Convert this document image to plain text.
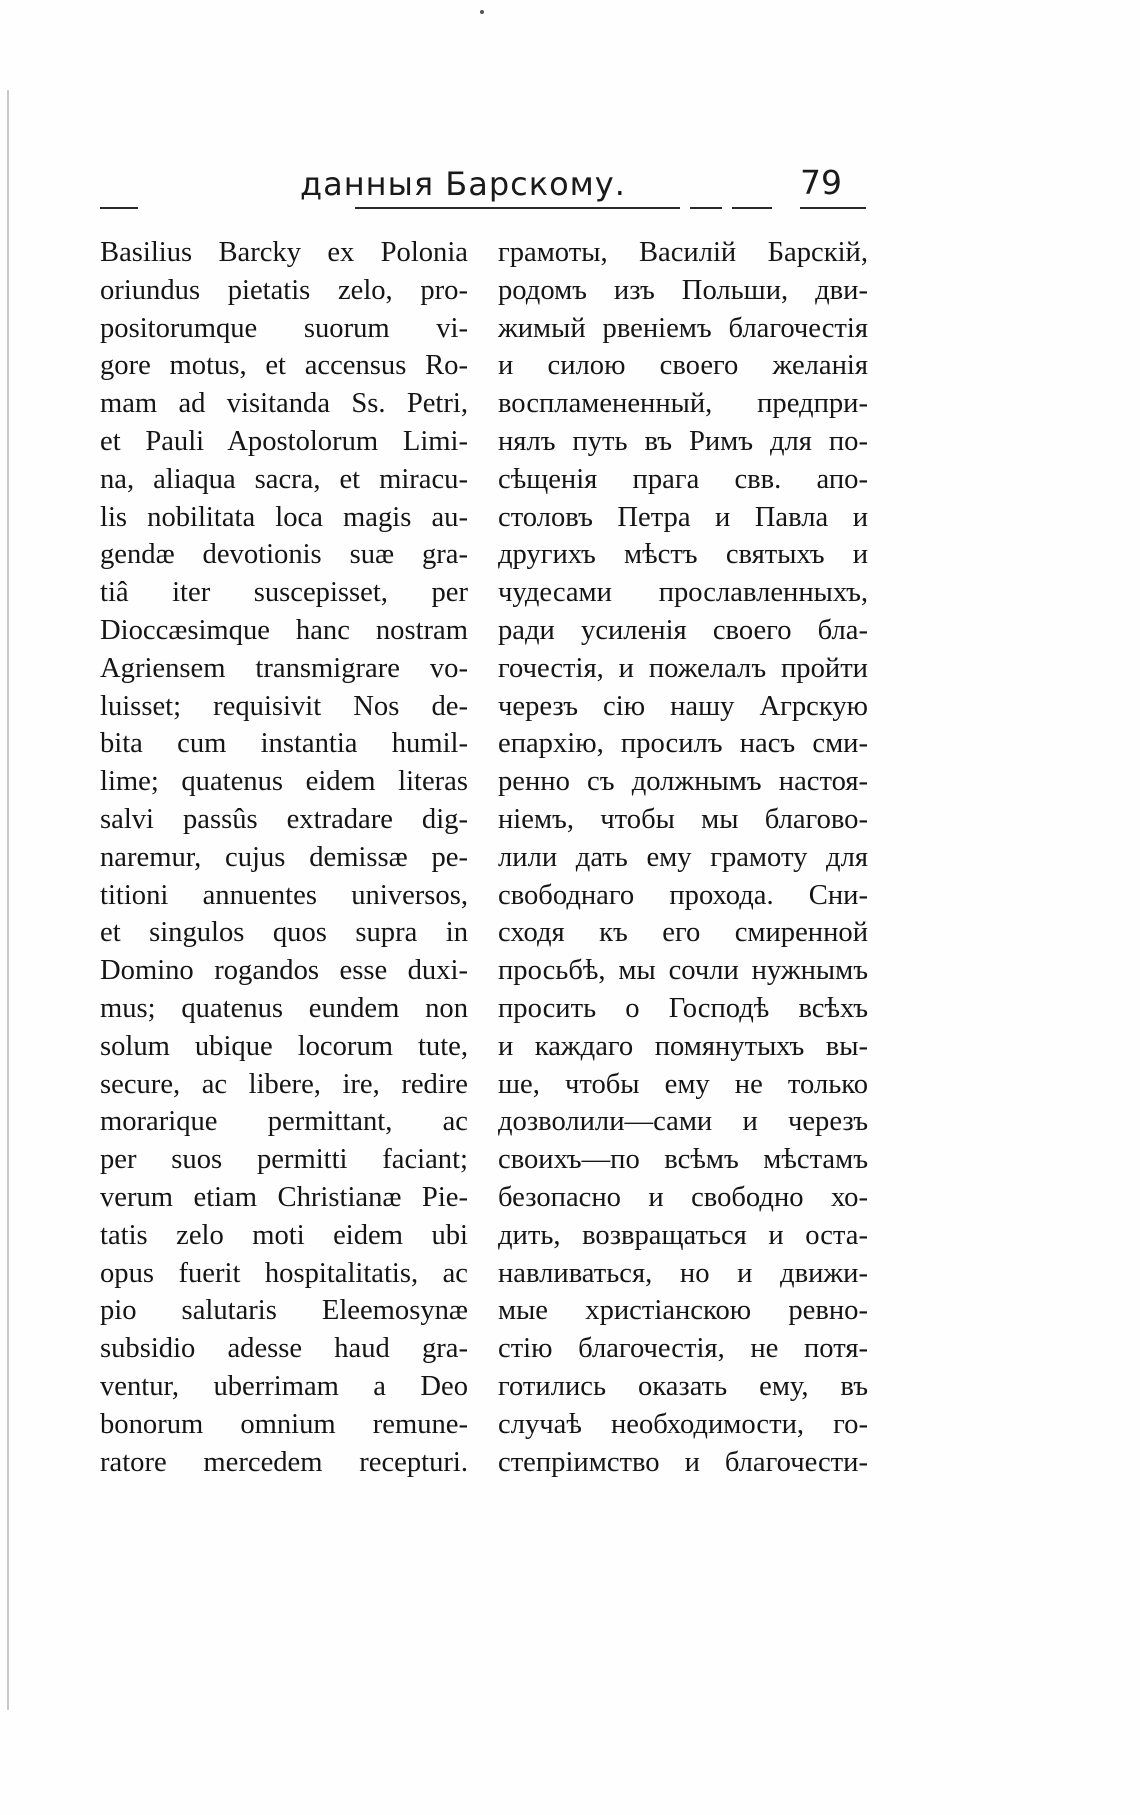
данныя Барскому.	79
Basilius Barcky ex Polonia
oriundus pietatis zelo, pro-
positorumque suorum vi-
gore motus, et accensus Ro-
mam ad visitanda Ss. Petri,
et Pauli Apostolorum Limi-
na, aliaqua sacra, et miracu-
lis nobilitata loca magis au-
gendæ devotionis suæ gra-
tiâ iter suscepisset, per
Dioccæsimque hanc nostram
Agriensem transmigrare vo-
luisset; requisivit Nos de-
bita cum instantia humil-
lime; quatenus eidem literas
salvi passûs extradare dig-
naremur, cujus demissæ pe-
titioni annuentes universos,
et singulos quos supra in
Domino rogandos esse duxi-
mus; quatenus eundem non
solum ubique locorum tute,
secure, ac libere, ire, redire
morarique permittant, ac
per suos permitti faciant;
verum etiam Christianæ Pie-
tatis zelo moti eidem ubi
opus fuerit hospitalitatis, ac
pio salutaris Eleemosynæ
subsidio adesse haud gra-
ventur, uberrimam a Deo
bonorum omnium remune-
ratore mercedem recepturi.
грамоты, Василій Барскій,
родомъ изъ Польши, дви-
жимый рвеніемъ благочестія
и силою своего желанія
воспламененный, предпри-
нялъ путь въ Римъ для по-
сѣщенія прага свв. апо-
столовъ Петра и Павла и
другихъ мѣстъ святыхъ и
чудесами прославленныхъ,
ради усиленія своего бла-
гочестія, и пожелалъ пройти
черезъ сію нашу Агрскую
епархію, просилъ насъ сми-
ренно съ должнымъ настоя-
ніемъ, чтобы мы благово-
лили дать ему грамоту для
свободнаго прохода. Сни-
сходя къ его смиренной
просьбѣ, мы сочли нужнымъ
просить о Господѣ всѣхъ
и каждаго помянутыхъ вы-
ше, чтобы ему не только
дозволили—сами и черезъ
своихъ—по всѣмъ мѣстамъ
безопасно и свободно хо-
дить, возвращаться и оста-
навливаться, но и движи-
мые христіанскою ревно-
стію благочестія, не потя-
готились оказать ему, въ
случаѣ необходимости, го-
степріимство и благочести-
